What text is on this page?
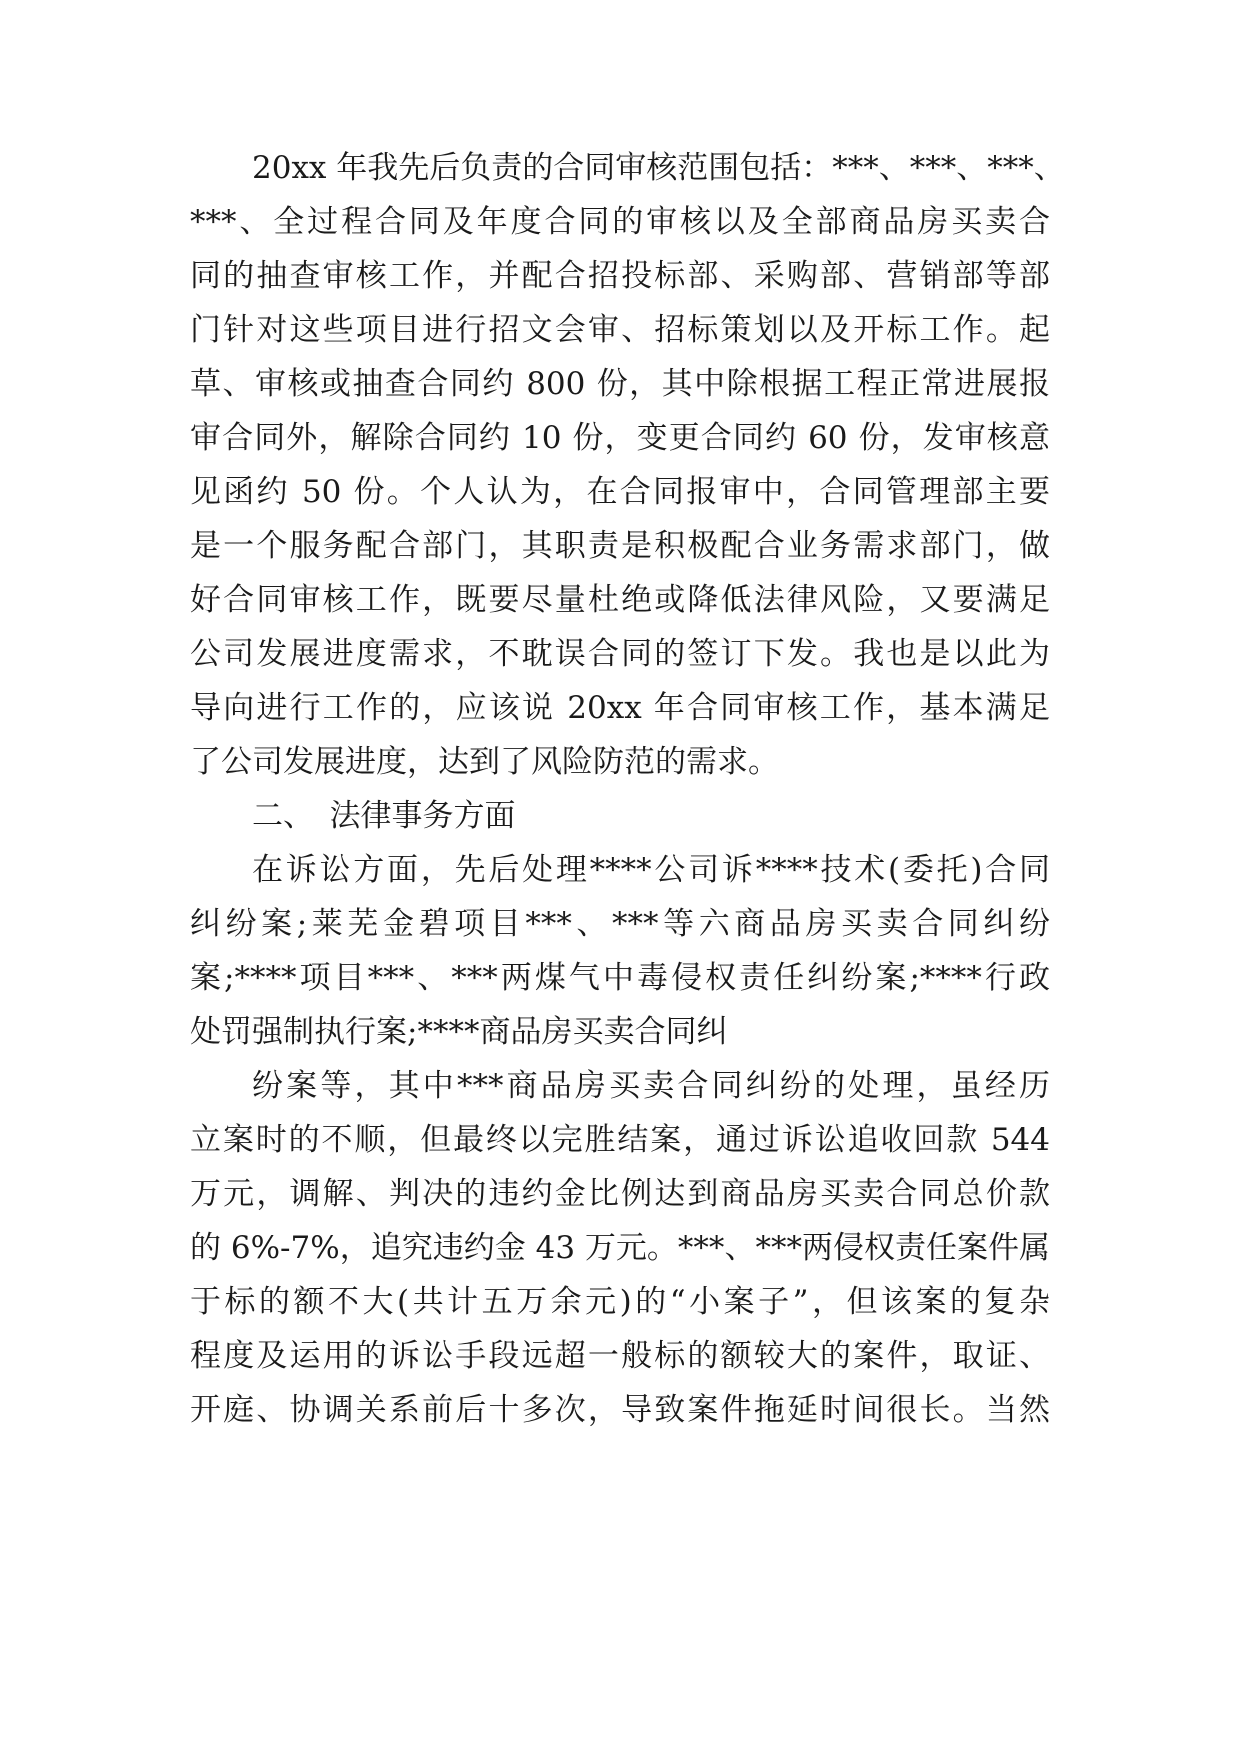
20xx 年我先后负责的合同审核范围包括：***、***、***、
***、全过程合同及年度合同的审核以及全部商品房买卖合
同的抽查审核工作，并配合招投标部、采购部、营销部等部
门针对这些项目进行招文会审、招标策划以及开标工作。起
草、审核或抽查合同约 800 份，其中除根据工程正常进展报
审合同外，解除合同约 10 份，变更合同约 60 份，发审核意
见函约 50 份。个人认为，在合同报审中，合同管理部主要
是一个服务配合部门，其职责是积极配合业务需求部门，做
好合同审核工作，既要尽量杜绝或降低法律风险，又要满足
公司发展进度需求，不耽误合同的签订下发。我也是以此为
导向进行工作的，应该说 20xx 年合同审核工作，基本满足
了公司发展进度，达到了风险防范的需求。
二、　法律事务方面
在诉讼方面，先后处理****公司诉****技术(委托)合同
纠纷案;莱芜金碧项目***、***等六商品房买卖合同纠纷
案;****项目***、***两煤气中毒侵权责任纠纷案;****行政
处罚强制执行案;****商品房买卖合同纠
纷案等，其中***商品房买卖合同纠纷的处理，虽经历
立案时的不顺，但最终以完胜结案，通过诉讼追收回款 544
万元，调解、判决的违约金比例达到商品房买卖合同总价款
的 6%-7%，追究违约金 43 万元。***、***两侵权责任案件属
于标的额不大(共计五万余元)的“小案子”，但该案的复杂
程度及运用的诉讼手段远超一般标的额较大的案件，取证、
开庭、协调关系前后十多次，导致案件拖延时间很长。当然
